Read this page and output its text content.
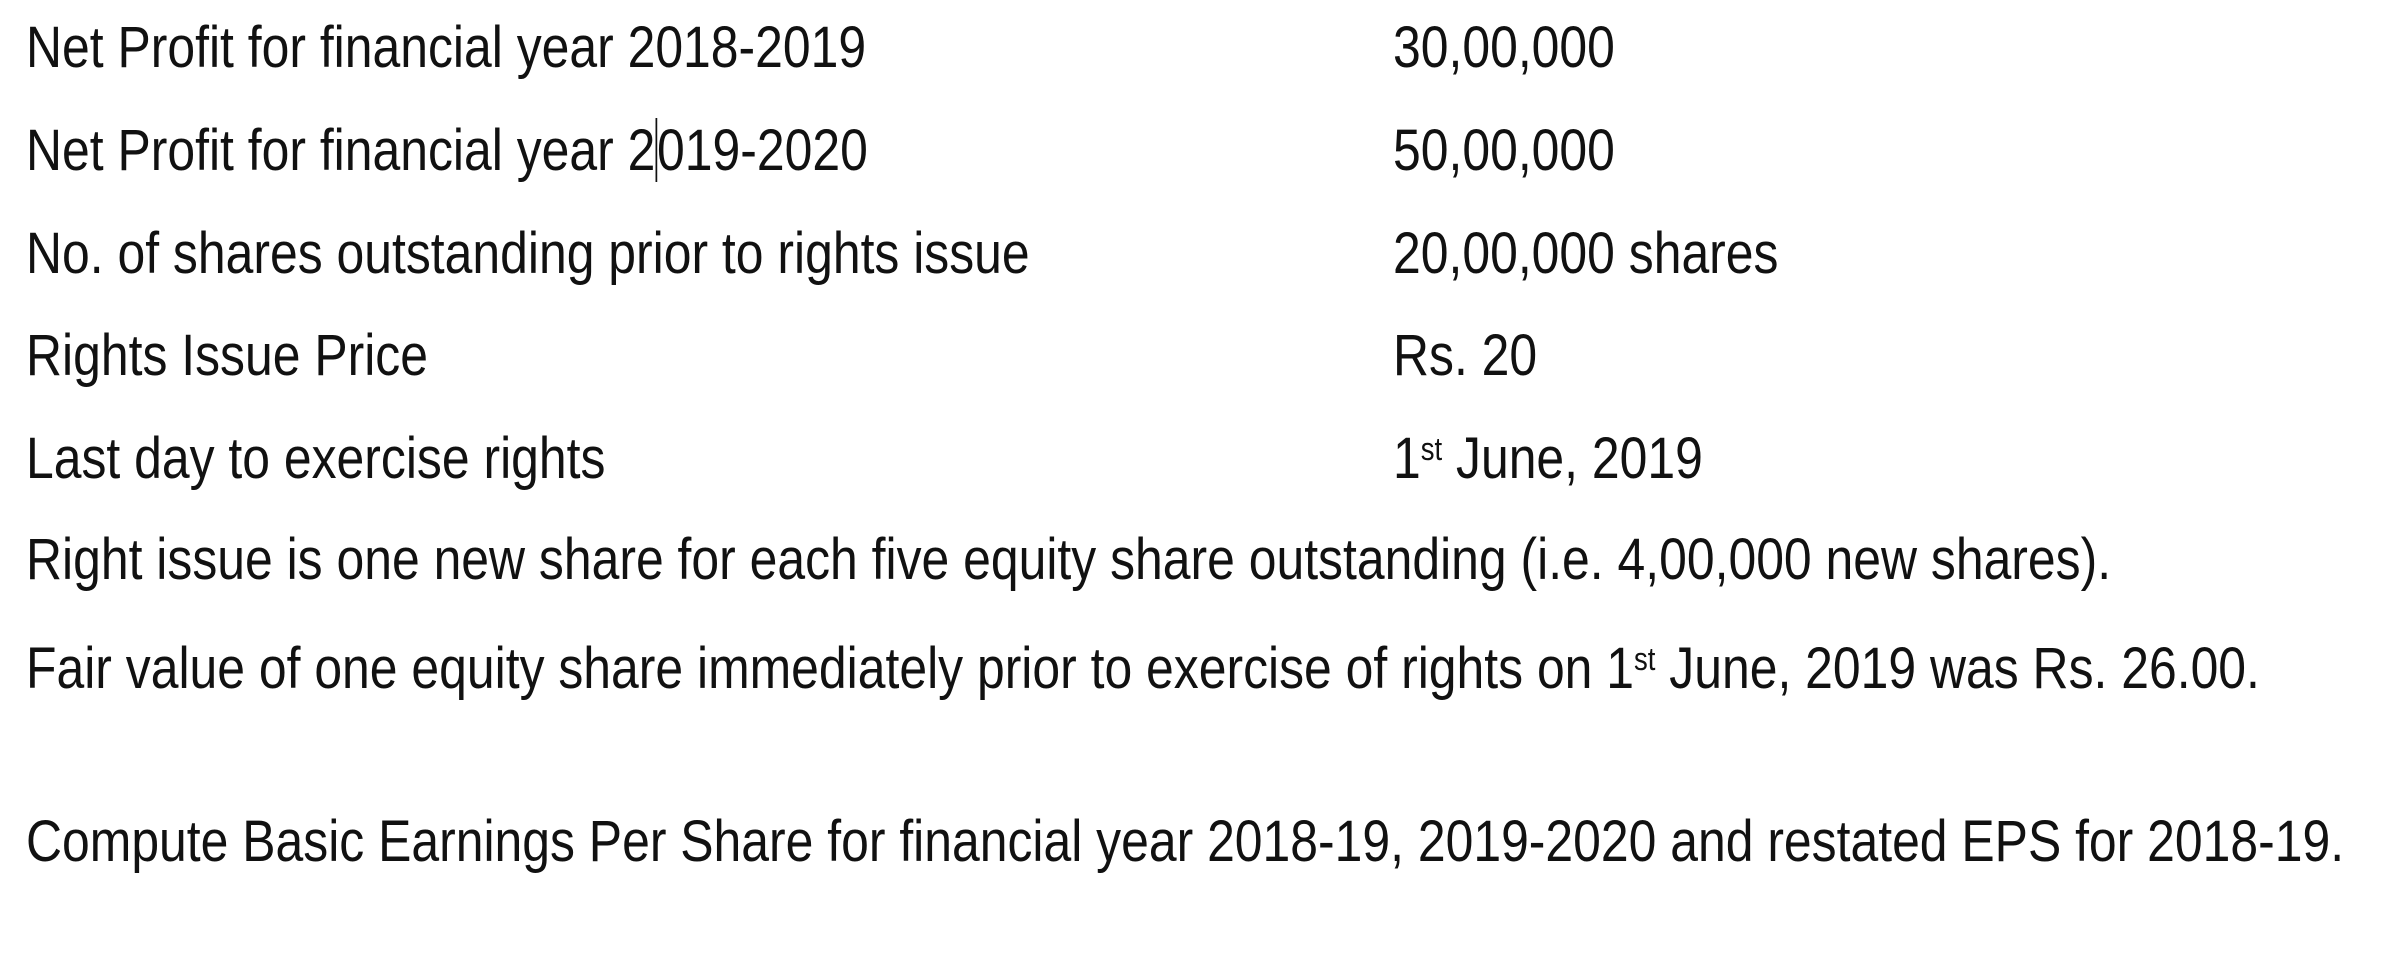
Net Profit for financial year 2018-2019	30,00,000
Net Profit for financial year 2019-2020	50,00,000
No. of shares outstanding prior to rights issue	20,00,000 shares
Rights Issue Price	Rs. 20
Last day to exercise rights	1st June, 2019
Right issue is one new share for each five equity share outstanding (i.e. 4,00,000 new shares).
Fair value of one equity share immediately prior to exercise of rights on 1st June, 2019 was Rs. 26.00.
Compute Basic Earnings Per Share for financial year 2018-19, 2019-2020 and restated EPS for 2018-19.
